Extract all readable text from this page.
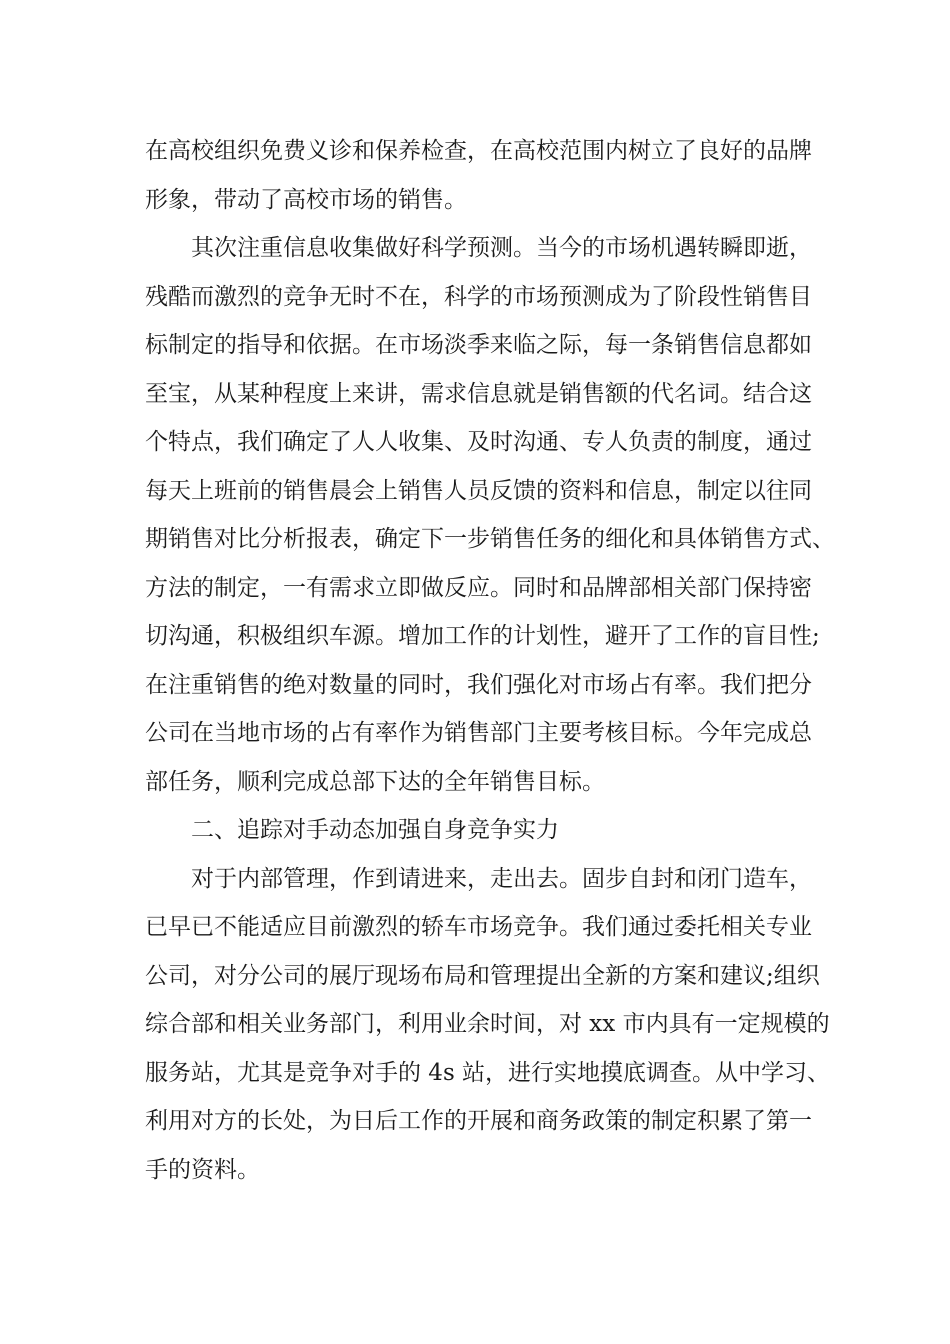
在高校组织免费义诊和保养检查，在高校范围内树立了良好的品牌
形象，带动了高校市场的销售。
其次注重信息收集做好科学预测。当今的市场机遇转瞬即逝，
残酷而激烈的竞争无时不在，科学的市场预测成为了阶段性销售目
标制定的指导和依据。在市场淡季来临之际，每一条销售信息都如
至宝，从某种程度上来讲，需求信息就是销售额的代名词。结合这
个特点，我们确定了人人收集、及时沟通、专人负责的制度，通过
每天上班前的销售晨会上销售人员反馈的资料和信息，制定以往同
期销售对比分析报表，确定下一步销售任务的细化和具体销售方式、
方法的制定，一有需求立即做反应。同时和品牌部相关部门保持密
切沟通，积极组织车源。增加工作的计划性，避开了工作的盲目性;
在注重销售的绝对数量的同时，我们强化对市场占有率。我们把分
公司在当地市场的占有率作为销售部门主要考核目标。今年完成总
部任务，顺利完成总部下达的全年销售目标。
二、追踪对手动态加强自身竞争实力
对于内部管理，作到请进来，走出去。固步自封和闭门造车，
已早已不能适应目前激烈的轿车市场竞争。我们通过委托相关专业
公司，对分公司的展厅现场布局和管理提出全新的方案和建议;组织
综合部和相关业务部门，利用业余时间，对 xx 市内具有一定规模的
服务站，尤其是竞争对手的 4s 站，进行实地摸底调查。从中学习、
利用对方的长处，为日后工作的开展和商务政策的制定积累了第一
手的资料。
